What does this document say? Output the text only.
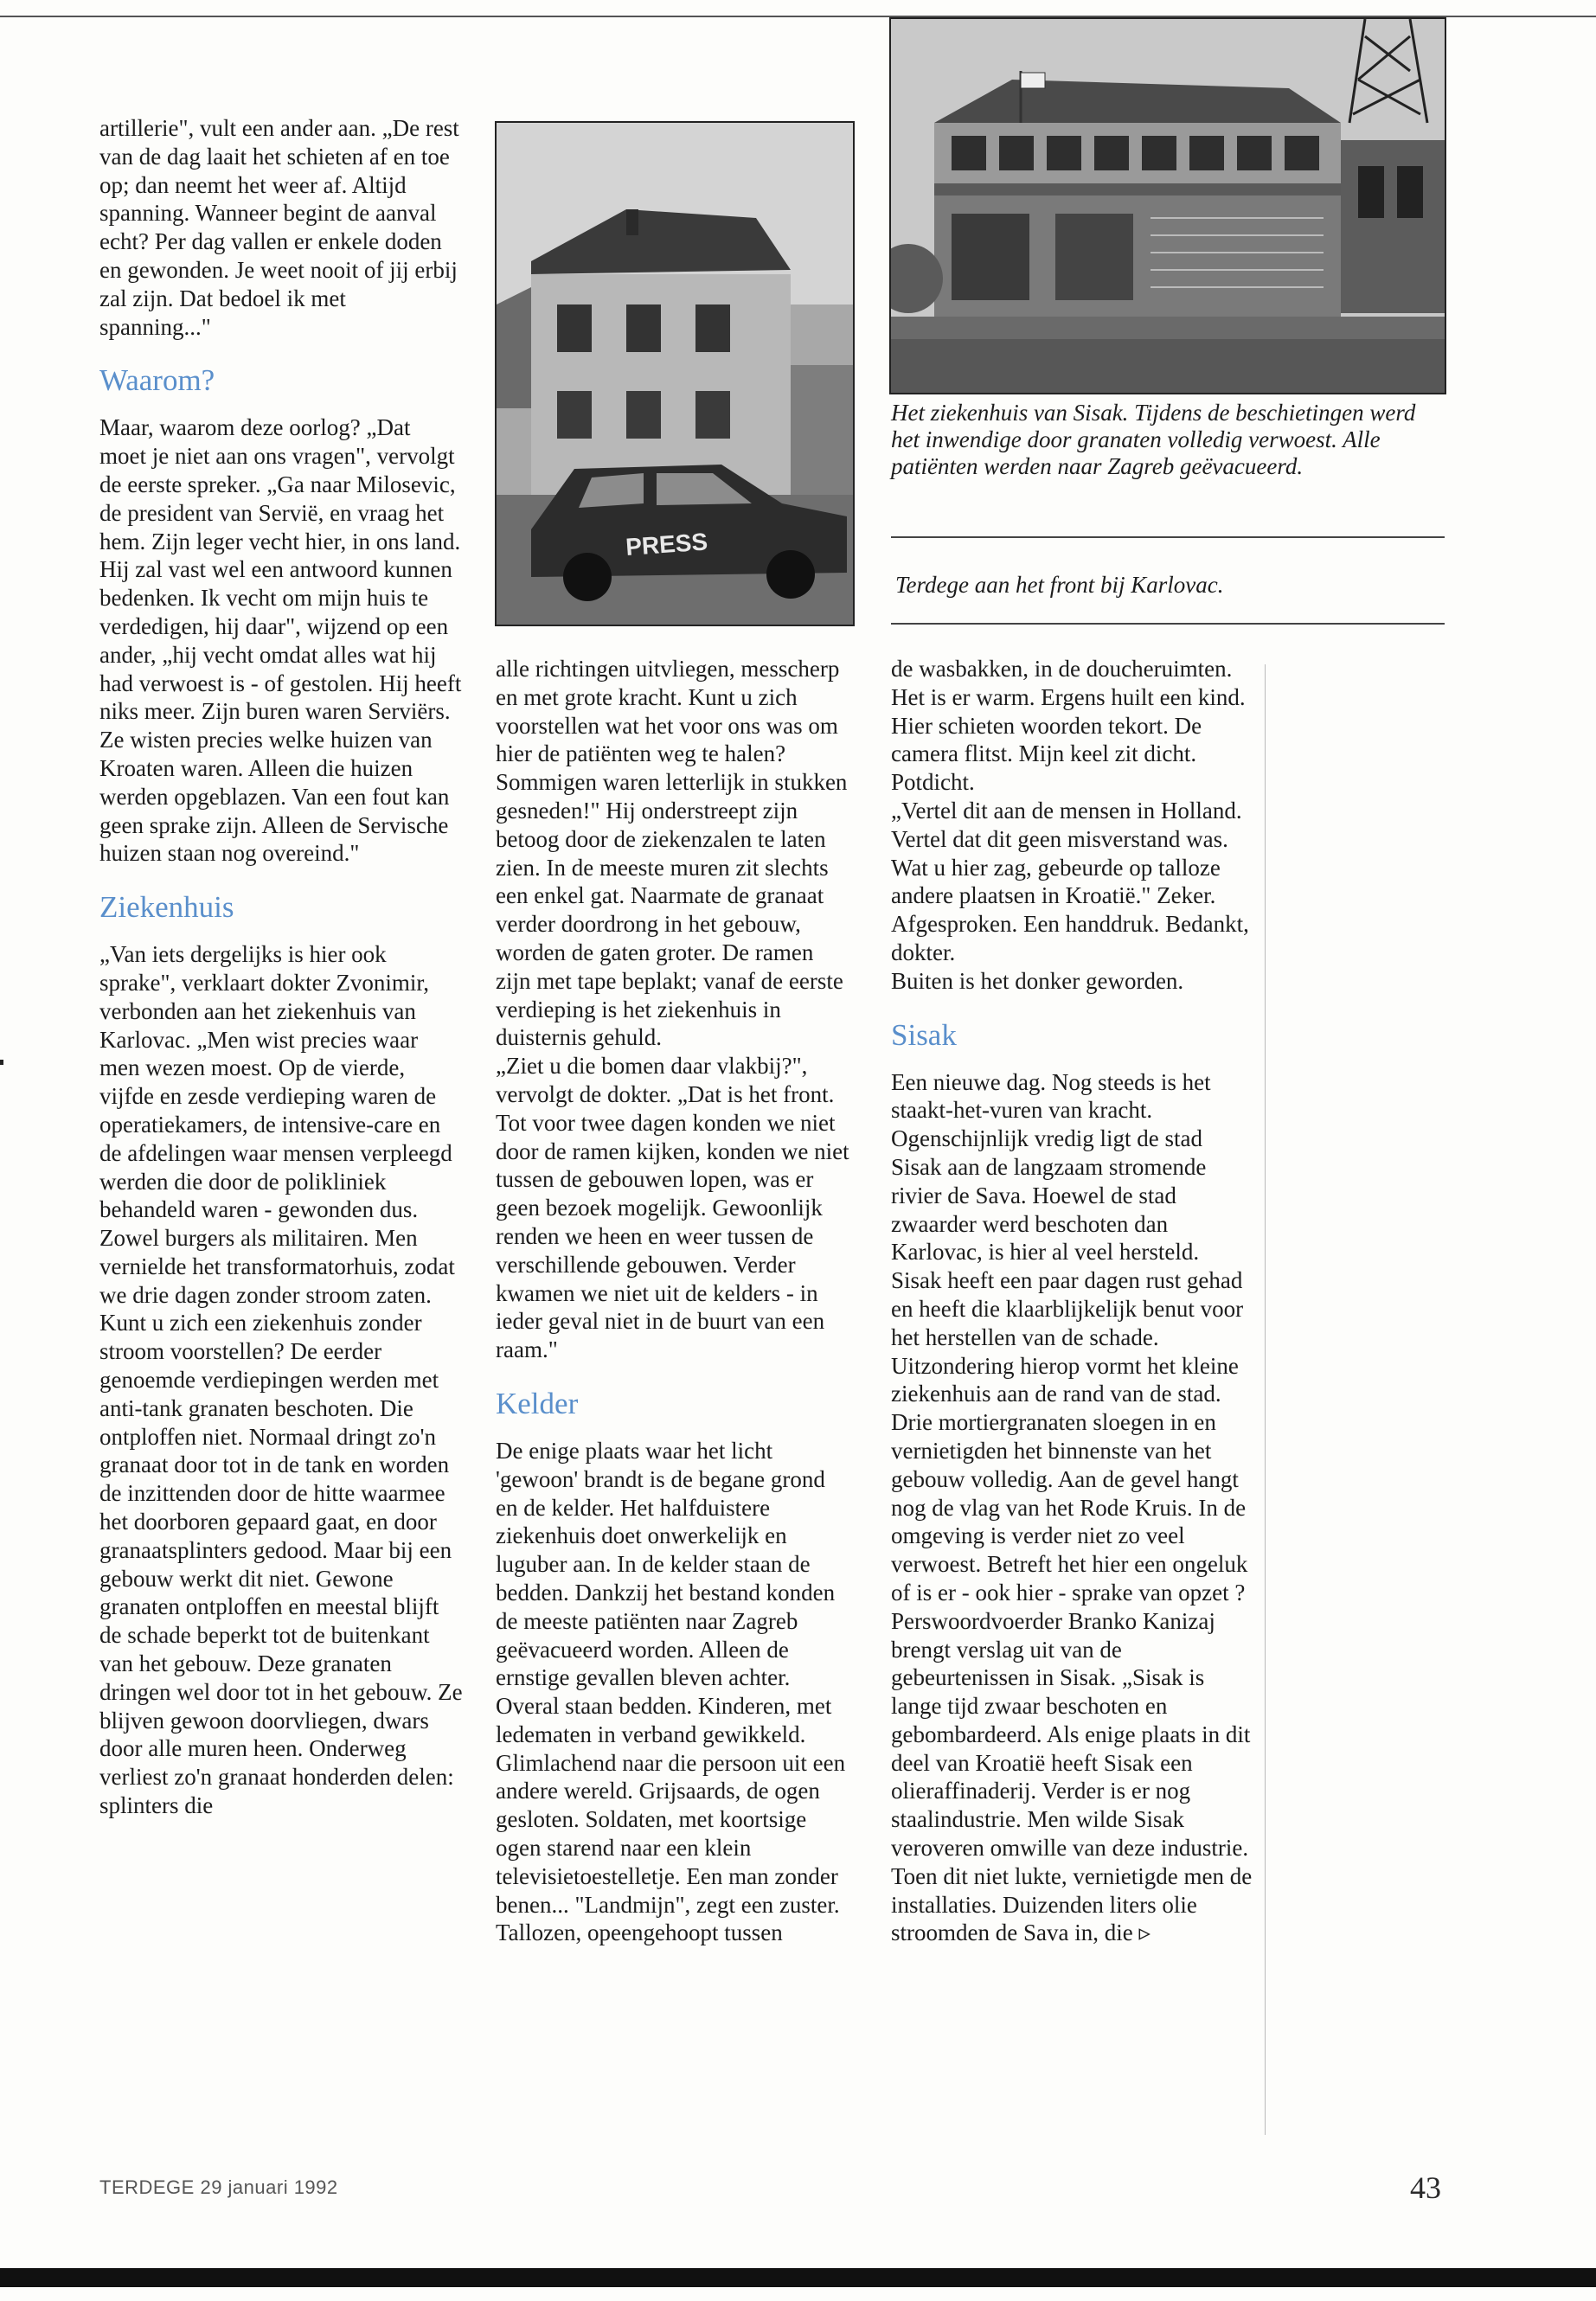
artillerie", vult een ander aan. „De rest van de dag laait het schieten af en toe op; dan neemt het weer af. Altijd spanning. Wanneer begint de aanval echt? Per dag vallen er enkele doden en gewonden. Je weet nooit of jij erbij zal zijn. Dat bedoel ik met spanning..."

Waarom?

Maar, waarom deze oorlog? „Dat moet je niet aan ons vragen", vervolgt de eerste spreker. „Ga naar Milosevic, de president van Servië, en vraag het hem. Zijn leger vecht hier, in ons land. Hij zal vast wel een antwoord kunnen bedenken. Ik vecht om mijn huis te verdedigen, hij daar", wijzend op een ander, „hij vecht omdat alles wat hij had verwoest is - of gestolen. Hij heeft niks meer. Zijn buren waren Serviërs. Ze wisten precies welke huizen van Kroaten waren. Alleen die huizen werden opgeblazen. Van een fout kan geen sprake zijn. Alleen de Servische huizen staan nog overeind."

Ziekenhuis

„Van iets dergelijks is hier ook sprake", verklaart dokter Zvonimir, verbonden aan het ziekenhuis van Karlovac. „Men wist precies waar men wezen moest. Op de vierde, vijfde en zesde verdieping waren de operatiekamers, de intensive-care en de afdelingen waar mensen verpleegd werden die door de polikliniek behandeld waren - gewonden dus. Zowel burgers als militairen. Men vernielde het transformatorhuis, zodat we drie dagen zonder stroom zaten. Kunt u zich een ziekenhuis zonder stroom voorstellen? De eerder genoemde verdiepingen werden met anti-tank granaten beschoten. Die ontploffen niet. Normaal dringt zo'n granaat door tot in de tank en worden de inzittenden door de hitte waarmee het doorboren gepaard gaat, en door granaatsplinters gedood. Maar bij een gebouw werkt dit niet. Gewone granaten ontploffen en meestal blijft de schade beperkt tot de buitenkant van het gebouw. Deze granaten dringen wel door tot in het gebouw. Ze blijven gewoon doorvliegen, dwars door alle muren heen. Onderweg verliest zo'n granaat honderden delen: splinters die

PRESS

Het ziekenhuis van Sisak. Tijdens de beschietingen werd het inwendige door granaten volledig verwoest. Alle patiënten werden naar Zagreb geëvacueerd.

Terdege aan het front bij Karlovac.

alle richtingen uitvliegen, messcherp en met grote kracht. Kunt u zich voorstellen wat het voor ons was om hier de patiënten weg te halen? Sommigen waren letterlijk in stukken gesneden!" Hij onderstreept zijn betoog door de ziekenzalen te laten zien. In de meeste muren zit slechts een enkel gat. Naarmate de granaat verder doordrong in het gebouw, worden de gaten groter. De ramen zijn met tape beplakt; vanaf de eerste verdieping is het ziekenhuis in duisternis gehuld.

„Ziet u die bomen daar vlakbij?", vervolgt de dokter. „Dat is het front. Tot voor twee dagen konden we niet door de ramen kijken, konden we niet tussen de gebouwen lopen, was er geen bezoek mogelijk. Gewoonlijk renden we heen en weer tussen de verschillende gebouwen. Verder kwamen we niet uit de kelders - in ieder geval niet in de buurt van een raam."

Kelder

De enige plaats waar het licht 'gewoon' brandt is de begane grond en de kelder. Het halfduistere ziekenhuis doet onwerkelijk en luguber aan. In de kelder staan de bedden. Dankzij het bestand konden de meeste patiënten naar Zagreb geëvacueerd worden. Alleen de ernstige gevallen bleven achter. Overal staan bedden. Kinderen, met ledematen in verband gewikkeld. Glimlachend naar die persoon uit een andere wereld. Grijsaards, de ogen gesloten. Soldaten, met koortsige ogen starend naar een klein televisietoestelletje. Een man zonder benen... "Landmijn", zegt een zuster. Tallozen, opeengehoopt tussen

de wasbakken, in de doucheruimten. Het is er warm. Ergens huilt een kind. Hier schieten woorden tekort. De camera flitst. Mijn keel zit dicht. Potdicht.

„Vertel dit aan de mensen in Holland. Vertel dat dit geen misverstand was. Wat u hier zag, gebeurde op talloze andere plaatsen in Kroatië." Zeker. Afgesproken. Een handdruk. Bedankt, dokter.

Buiten is het donker geworden.

Sisak

Een nieuwe dag. Nog steeds is het staakt-het-vuren van kracht. Ogenschijnlijk vredig ligt de stad Sisak aan de langzaam stromende rivier de Sava. Hoewel de stad zwaarder werd beschoten dan Karlovac, is hier al veel hersteld. Sisak heeft een paar dagen rust gehad en heeft die klaarblijkelijk benut voor het herstellen van de schade. Uitzondering hierop vormt het kleine ziekenhuis aan de rand van de stad. Drie mortiergranaten sloegen in en vernietigden het binnenste van het gebouw volledig. Aan de gevel hangt nog de vlag van het Rode Kruis. In de omgeving is verder niet zo veel verwoest. Betreft het hier een ongeluk of is er - ook hier - sprake van opzet ? Perswoordvoerder Branko Kanizaj brengt verslag uit van de gebeurtenissen in Sisak. „Sisak is lange tijd zwaar beschoten en gebombardeerd. Als enige plaats in dit deel van Kroatië heeft Sisak een olieraffinaderij. Verder is er nog staalindustrie. Men wilde Sisak veroveren omwille van deze industrie. Toen dit niet lukte, vernietigde men de installaties. Duizenden liters olie stroomden de Sava in, die ▹

TERDEGE 29 januari 1992	43
